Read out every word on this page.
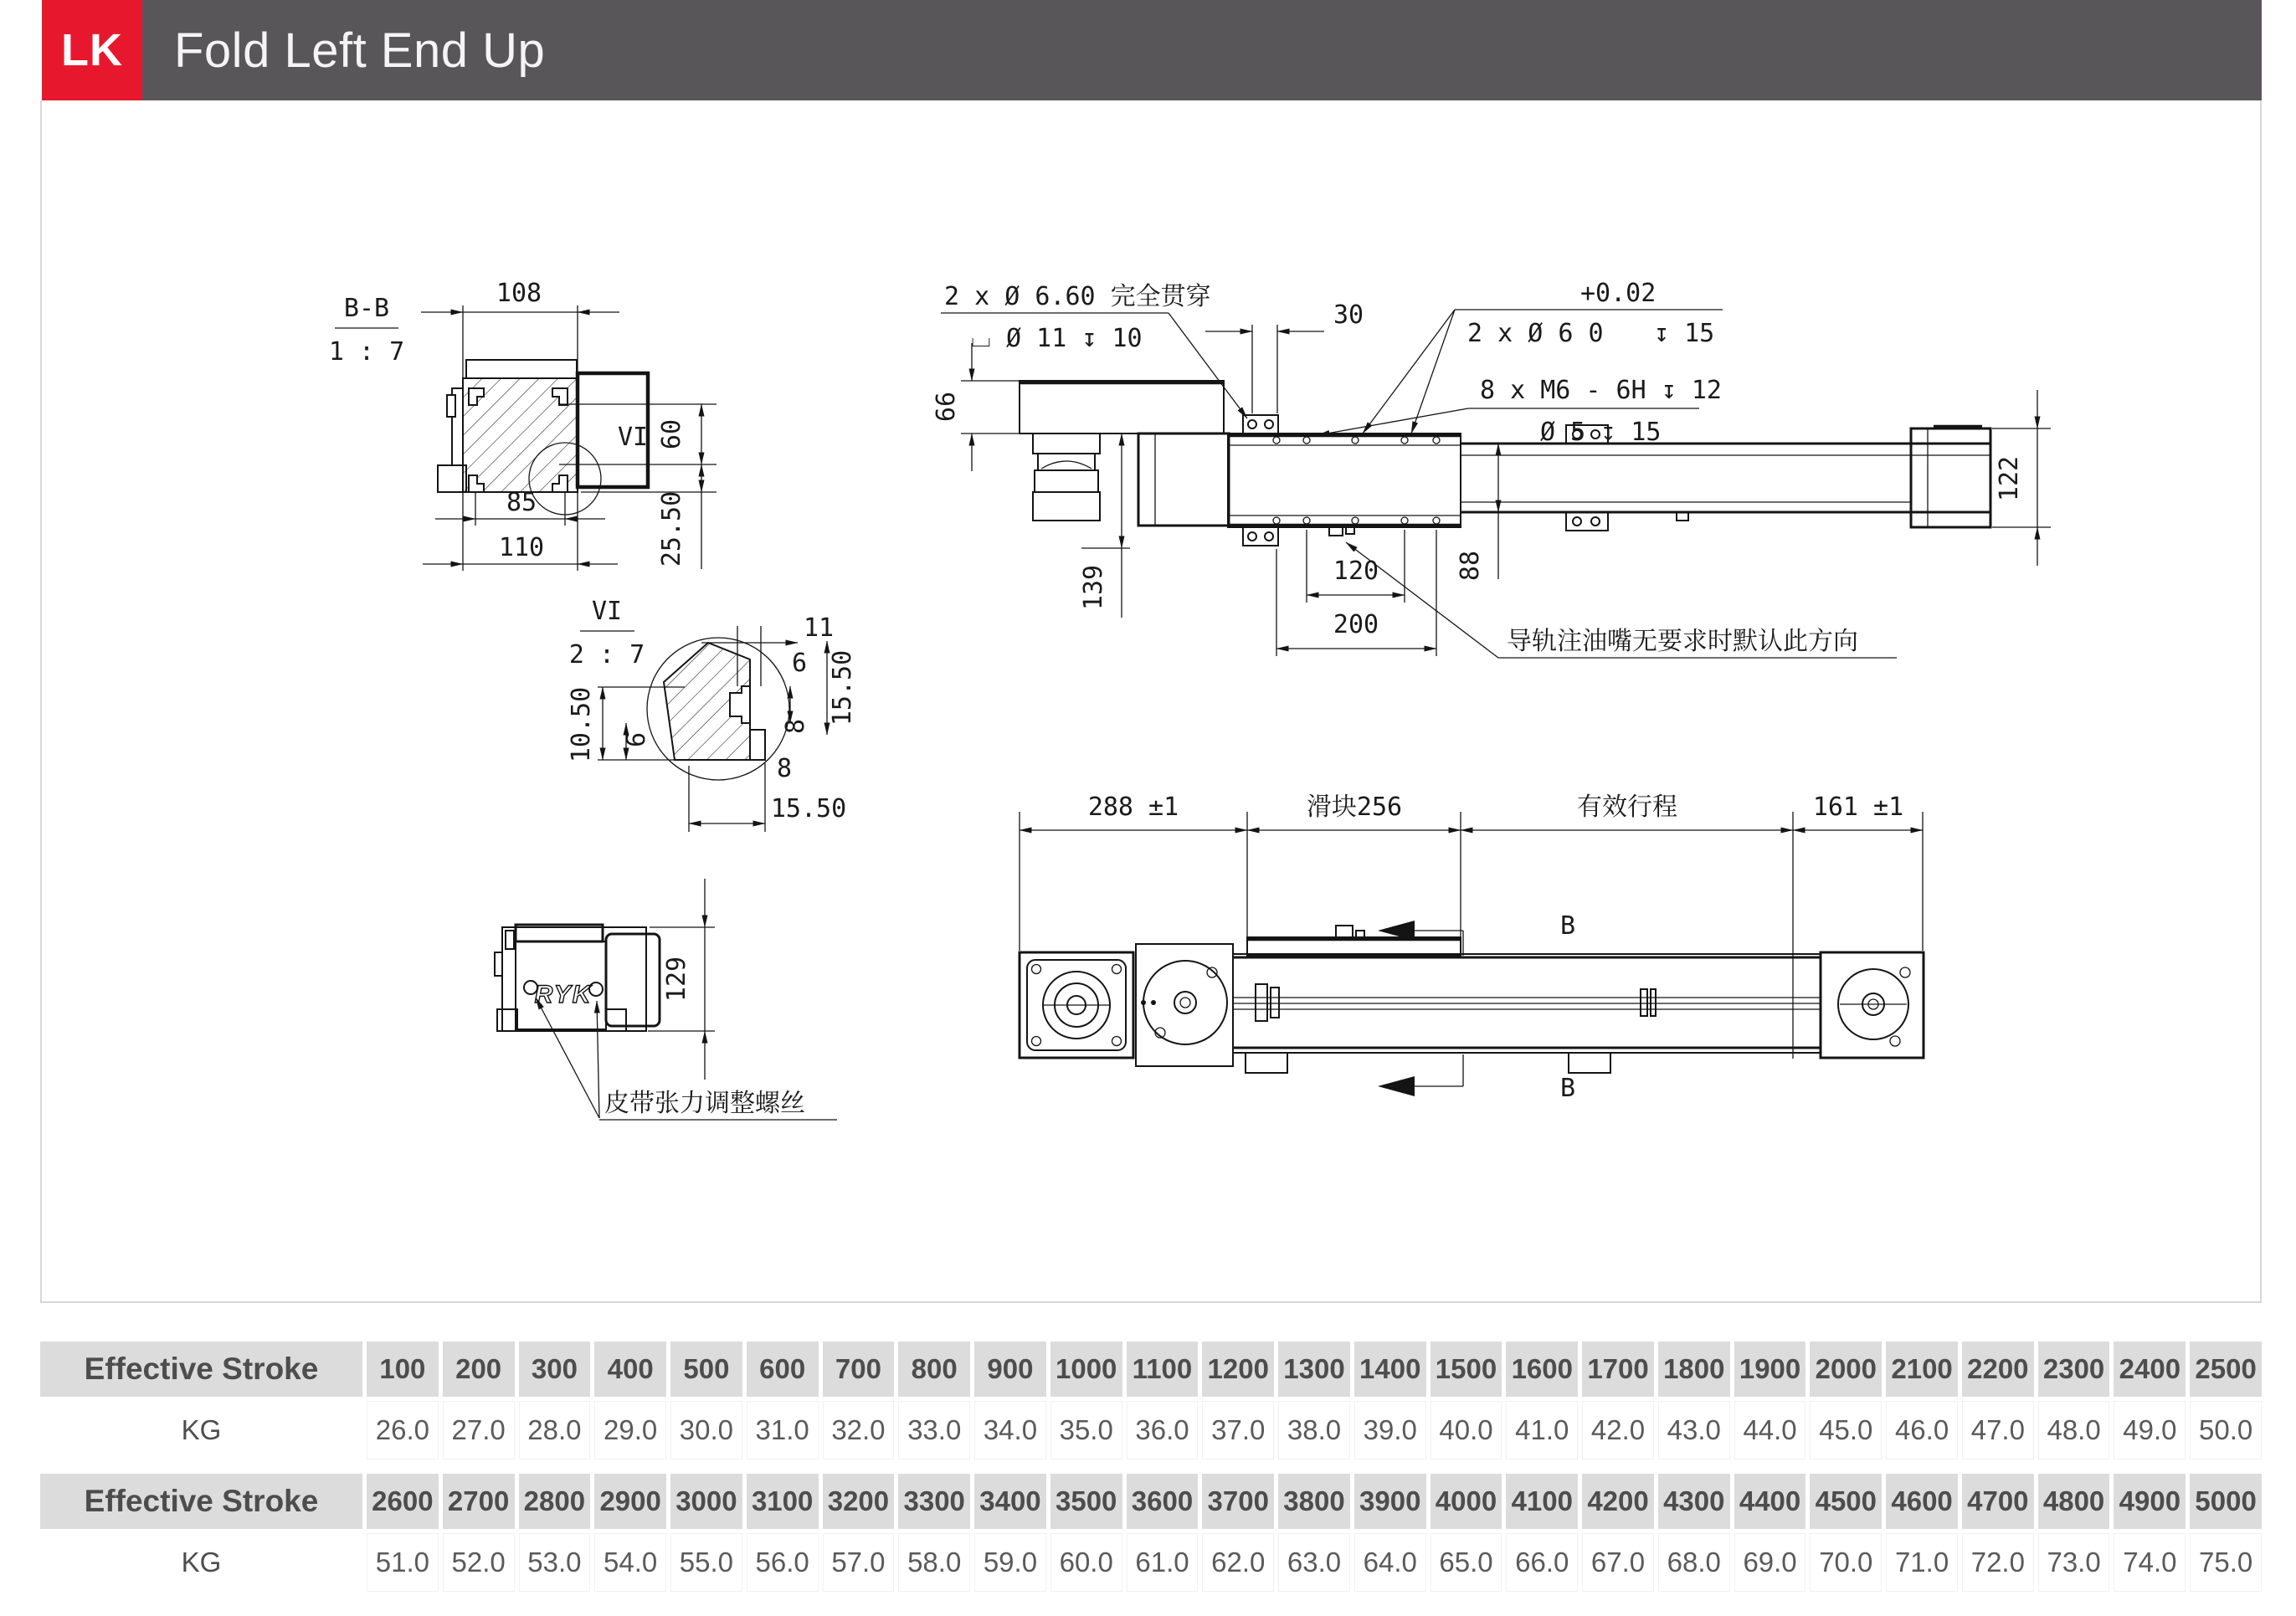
LK	Fold Left End Up
B-B
1 : 7
108
VI
85
110
60
25.50
VI
2 : 7
11
6 15.50
8
10.50 6
8
15.50
RYK
皮带张力调整螺丝
129
66
30
139	120
200
88
122
2 x Ø 6.60 完全贯穿
⌴ Ø 11 ↧ 10
+0.02
2 x Ø 6 0 ↧ 15
8 x M6 - 6H ↧ 12
Ø 5 ↧ 15
导轨注油嘴无要求时默认此方向
288 ±1	滑块256	有效行程	161 ±1
B
B
Effective Stroke	100	200	300	400	500	600	700	800	900 1000 1100 1200 1300 1400 1500 1600 1700 1800 1900 2000 2100 2200 2300 2400 2500
KG	26.0 27.0 28.0 29.0 30.0 31.0 32.0 33.0 34.0 35.0 36.0 37.0 38.0 39.0 40.0 41.0 42.0 43.0 44.0 45.0 46.0 47.0 48.0 49.0 50.0
Effective Stroke	2600 2700 2800 2900 3000 3100 3200 3300 3400 3500 3600 3700 3800 3900 4000 4100 4200 4300 4400 4500 4600 4700 4800 4900 5000
KG	51.0 52.0 53.0 54.0 55.0 56.0 57.0 58.0 59.0 60.0 61.0 62.0 63.0 64.0 65.0 66.0 67.0 68.0 69.0 70.0 71.0 72.0 73.0 74.0 75.0
